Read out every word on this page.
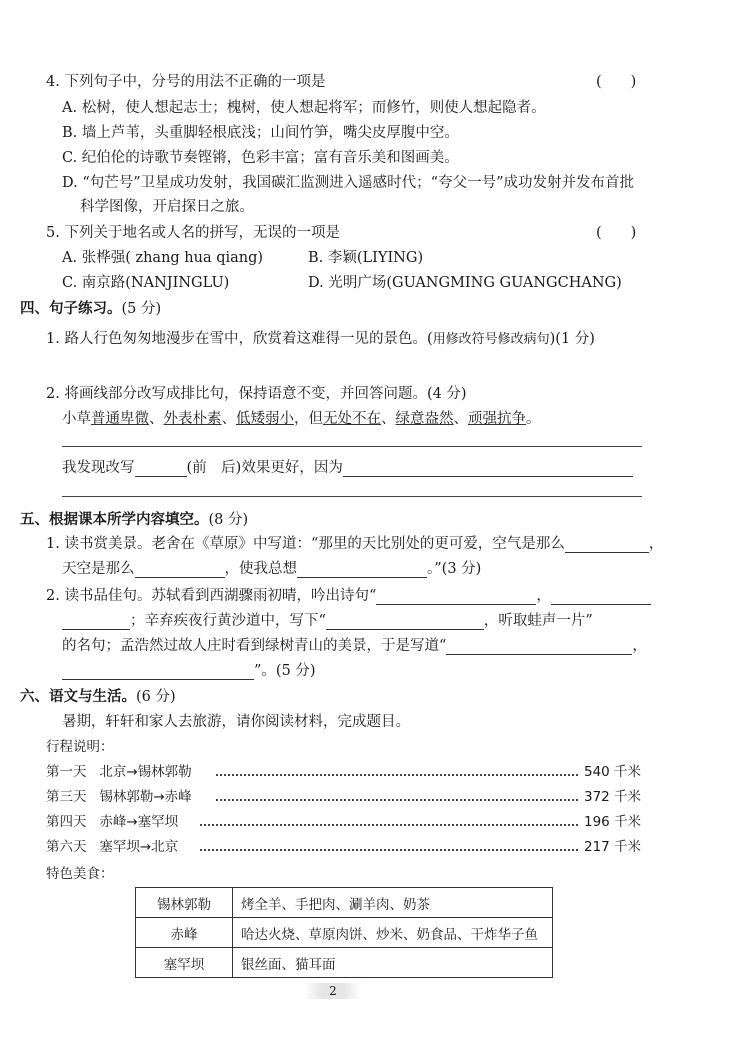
4. 下列句子中，分号的用法不正确的一项是	(　　)
A. 松树，使人想起志士；槐树，使人想起将军；而修竹，则使人想起隐者。
B. 墙上芦苇，头重脚轻根底浅；山间竹笋，嘴尖皮厚腹中空。
C. 纪伯伦的诗歌节奏铿锵，色彩丰富；富有音乐美和图画美。
D. “句芒号”卫星成功发射，我国碳汇监测进入遥感时代；“夸父一号”成功发射并发布首批
科学图像，开启探日之旅。
5. 下列关于地名或人名的拼写，无误的一项是	(　　)
A. 张桦强( zhang hua qiang)	B. 李颖(LIYING)
C. 南京路(NANJINGLU)	D. 光明广场(GUANGMING GUANGCHANG)
四、句子练习。(5 分)
1. 路人行色匆匆地漫步在雪中，欣赏着这难得一见的景色。(用修改符号修改病句)(1 分)
2. 将画线部分改写成排比句，保持语意不变，并回答问题。(4 分)
小草普通卑微、外表朴素、低矮弱小，但无处不在、绿意盎然、顽强抗争。
我发现改写	(前　后)效果更好，因为
五、根据课本所学内容填空。(8 分)
1. 读书赏美景。老舍在《草原》中写道：“那里的天比别处的更可爱，空气是那么	，
天空是那么	，使我总想	。”(3 分)
2. 读书品佳句。苏轼看到西湖骤雨初晴，吟出诗句“	，
；辛弃疾夜行黄沙道中，写下“	，听取蛙声一片”
的名句；孟浩然过故人庄时看到绿树青山的美景，于是写道“	，
”。(5 分)
六、语文与生活。(6 分)
暑期，轩轩和家人去旅游，请你阅读材料，完成题目。
行程说明：
第一天 北京→锡林郭勒	540 千米
第三天 锡林郭勒→赤峰	372 千米
第四天 赤峰→塞罕坝	196 千米
第六天 塞罕坝→北京	217 千米
特色美食：
锡林郭勒	烤全羊、手把肉、涮羊肉、奶茶
赤峰	哈达火烧、草原肉饼、炒米、奶食品、干炸华子鱼
塞罕坝	银丝面、猫耳面
2
